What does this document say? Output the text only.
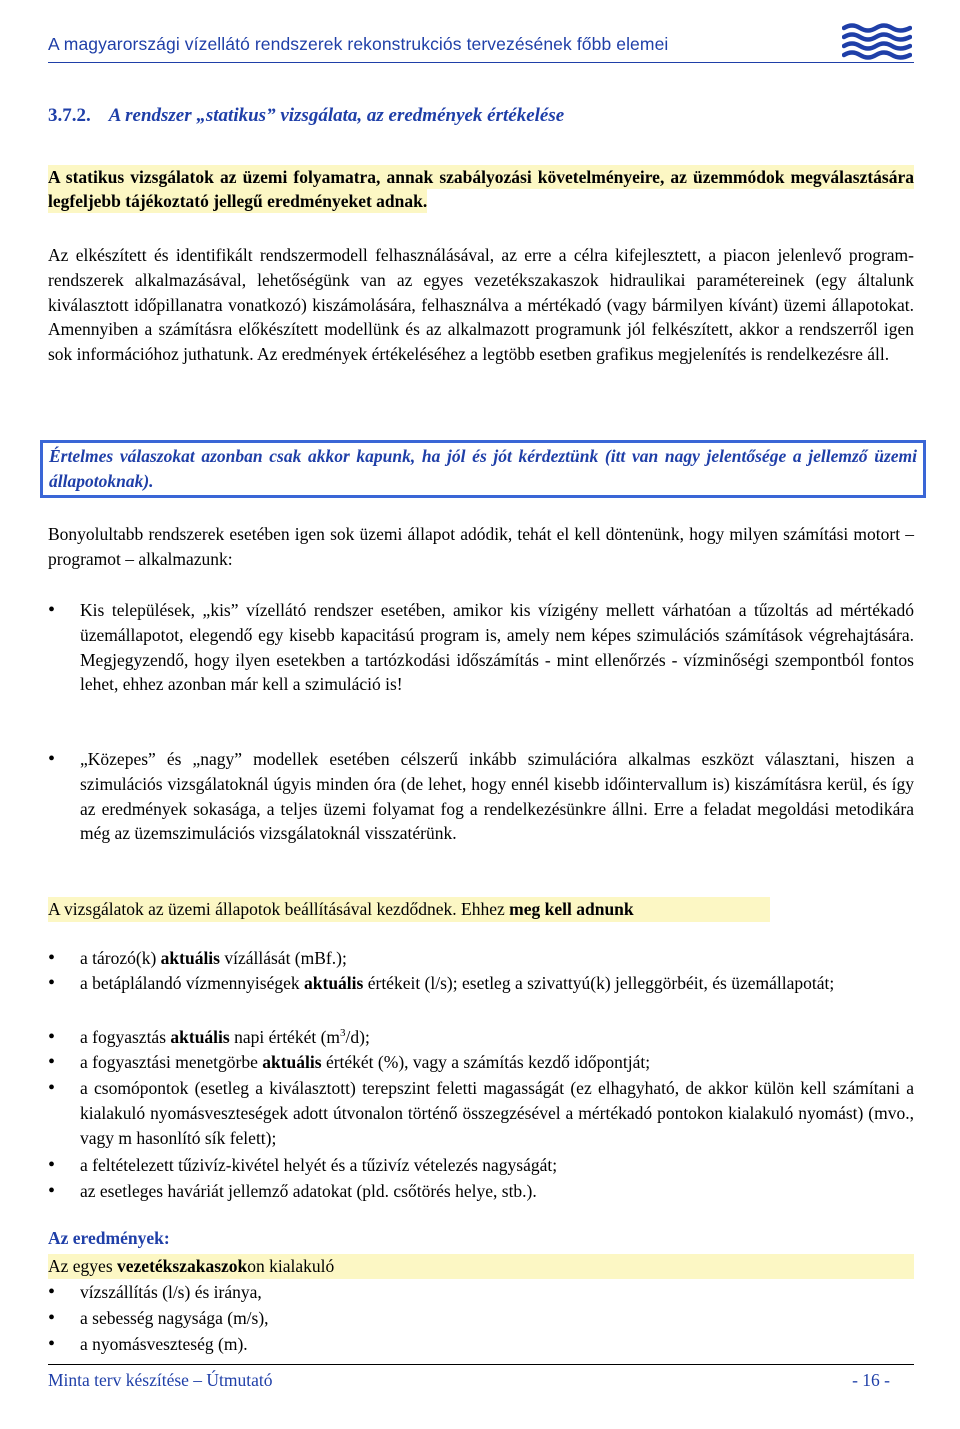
A magyarországi vízellátó rendszerek rekonstrukciós tervezésének főbb elemei
3.7.2. A rendszer „statikus” vizsgálata, az eredmények értékelése
A statikus vizsgálatok az üzemi folyamatra, annak szabályozási követelményeire, az üzemmódok megválasztására legfeljebb tájékoztató jellegű eredményeket adnak.
Az elkészített és identifikált rendszermodell felhasználásával, az erre a célra kifejlesztett, a piacon jelenlevő program-rendszerek alkalmazásával, lehetőségünk van az egyes vezetékszakaszok hidraulikai paramétereinek (egy általunk kiválasztott időpillanatra vonatkozó) kiszámolására, felhasználva a mértékadó (vagy bármilyen kívánt) üzemi állapotokat. Amennyiben a számításra előkészített modellünk és az alkalmazott programunk jól felkészített, akkor a rendszerről igen sok információhoz juthatunk. Az eredmények értékeléséhez a legtöbb esetben grafikus megjelenítés is rendelkezésre áll.
Értelmes válaszokat azonban csak akkor kapunk, ha jól és jót kérdeztünk (itt van nagy jelentősége a jellemző üzemi állapotoknak).
Bonyolultabb rendszerek esetében igen sok üzemi állapot adódik, tehát el kell döntenünk, hogy milyen számítási motort – programot – alkalmazunk:
•
Kis települések, „kis” vízellátó rendszer esetében, amikor kis vízigény mellett várhatóan a tűzoltás ad mértékadó üzemállapotot, elegendő egy kisebb kapacitású program is, amely nem képes szimulációs számítások végrehajtására. Megjegyzendő, hogy ilyen esetekben a tartózkodási időszámítás - mint ellenőrzés - vízminőségi szempontból fontos lehet, ehhez azonban már kell a szimuláció is!
•
„Közepes” és „nagy” modellek esetében célszerű inkább szimulációra alkalmas eszközt választani, hiszen a szimulációs vizsgálatoknál úgyis minden óra (de lehet, hogy ennél kisebb időintervallum is) kiszámításra kerül, és így az eredmények sokasága, a teljes üzemi folyamat fog a rendelkezésünkre állni. Erre a feladat megoldási metodikára még az üzemszimulációs vizsgálatoknál visszatérünk.
A vizsgálatok az üzemi állapotok beállításával kezdődnek. Ehhez meg kell adnunk
•
a tározó(k) aktuális vízállását (mBf.);
•
a betáplálandó vízmennyiségek aktuális értékeit (l/s); esetleg a szivattyú(k) jelleggörbéit, és üzemállapotát;
•
a fogyasztás aktuális napi értékét $(m^3/d)$;
•
a fogyasztási menetgörbe aktuális értékét (%), vagy a számítás kezdő időpontját;
•
a csomópontok (esetleg a kiválasztott) terepszint feletti magasságát (ez elhagyható, de akkor külön kell számítani a kialakuló nyomásveszteségek adott útvonalon történő összegzésével a mértékadó pontokon kialakuló nyomást) (mvo., vagy m hasonlító sík felett);
•
a feltételezett tűzivíz-kivétel helyét és a tűzivíz vételezés nagyságát;
•
az esetleges haváriát jellemző adatokat (pld. csőtörés helye, stb.).
Az eredmények:
Az egyes vezetékszakaszokon kialakuló
•
vízszállítás (l/s) és iránya,
•
a sebesség nagysága (m/s),
•
a nyomásveszteség (m).
Minta terv készítése – Útmutató	- 16 -
